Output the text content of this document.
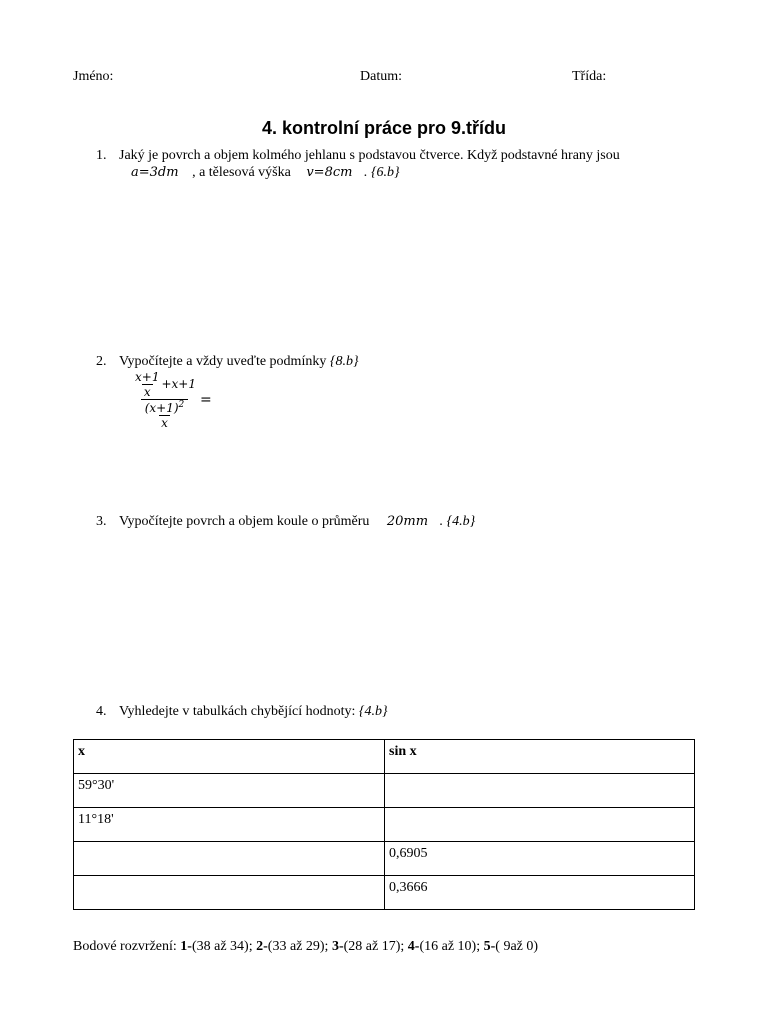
Jméno:	Datum:	Třída:
4. kontrolní práce pro 9.třídu
1. Jaký je povrch a objem kolmého jehlanu s podstavou čtverce. Když podstavné hrany jsou
a=3dm , a tělesová výška v=8cm . {6.b}
2. Vypočítejte a vždy uveďte podmínky {8.b}
$\frac{\frac{x+1}{x} +x+1}{\frac{(x+1)^2}{x}}$ =
3. Vypočítejte povrch a objem koule o průměru 20mm . {4.b}
4. Vyhledejte v tabulkách chybějící hodnoty: {4.b}
x	sin x

59°30'	

11°18'	

	0,6905

	0,3666
Bodové rozvržení: 1-(38 až 34); 2-(33 až 29); 3-(28 až 17); 4-(16 až 10); 5-( 9až 0)
